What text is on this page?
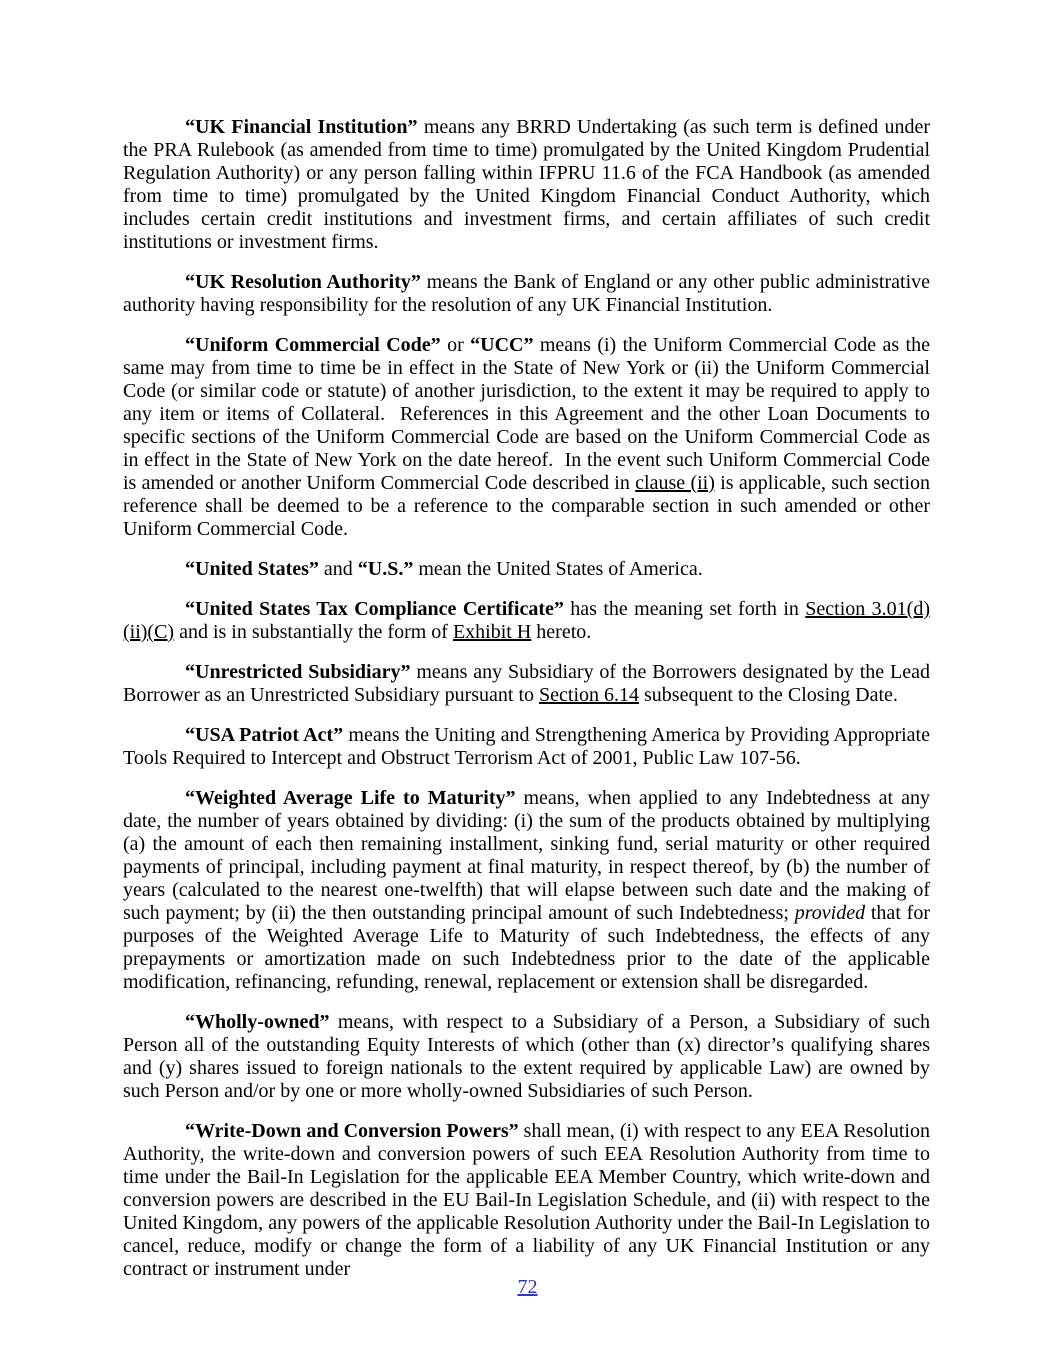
“UK Financial Institution” means any BRRD Undertaking (as such term is defined under the PRA Rulebook (as amended from time to time) promulgated by the United Kingdom Prudential Regulation Authority) or any person falling within IFPRU 11.6 of the FCA Handbook (as amended from time to time) promulgated by the United Kingdom Financial Conduct Authority, which includes certain credit institutions and investment firms, and certain affiliates of such credit institutions or investment firms.

“UK Resolution Authority” means the Bank of England or any other public administrative authority having responsibility for the resolution of any UK Financial Institution.

“Uniform Commercial Code” or “UCC” means (i) the Uniform Commercial Code as the same may from time to time be in effect in the State of New York or (ii) the Uniform Commercial Code (or similar code or statute) of another jurisdiction, to the extent it may be required to apply to any item or items of Collateral.  References in this Agreement and the other Loan Documents to specific sections of the Uniform Commercial Code are based on the Uniform Commercial Code as in effect in the State of New York on the date hereof.  In the event such Uniform Commercial Code is amended or another Uniform Commercial Code described in clause (ii) is applicable, such section reference shall be deemed to be a reference to the comparable section in such amended or other Uniform Commercial Code.

“United States” and “U.S.” mean the United States of America.

“United States Tax Compliance Certificate” has the meaning set forth in Section 3.01(d)(ii)(C) and is in substantially the form of Exhibit H hereto.

“Unrestricted Subsidiary” means any Subsidiary of the Borrowers designated by the Lead Borrower as an Unrestricted Subsidiary pursuant to Section 6.14 subsequent to the Closing Date.

“USA Patriot Act” means the Uniting and Strengthening America by Providing Appropriate Tools Required to Intercept and Obstruct Terrorism Act of 2001, Public Law 107-56.

“Weighted Average Life to Maturity” means, when applied to any Indebtedness at any date, the number of years obtained by dividing: (i) the sum of the products obtained by multiplying (a) the amount of each then remaining installment, sinking fund, serial maturity or other required payments of principal, including payment at final maturity, in respect thereof, by (b) the number of years (calculated to the nearest one-twelfth) that will elapse between such date and the making of such payment; by (ii) the then outstanding principal amount of such Indebtedness; provided that for purposes of the Weighted Average Life to Maturity of such Indebtedness, the effects of any prepayments or amortization made on such Indebtedness prior to the date of the applicable modification, refinancing, refunding, renewal, replacement or extension shall be disregarded.

“Wholly-owned” means, with respect to a Subsidiary of a Person, a Subsidiary of such Person all of the outstanding Equity Interests of which (other than (x) director’s qualifying shares and (y) shares issued to foreign nationals to the extent required by applicable Law) are owned by such Person and/or by one or more wholly-owned Subsidiaries of such Person.

“Write-Down and Conversion Powers” shall mean, (i) with respect to any EEA Resolution Authority, the write-down and conversion powers of such EEA Resolution Authority from time to time under the Bail-In Legislation for the applicable EEA Member Country, which write-down and conversion powers are described in the EU Bail-In Legislation Schedule, and (ii) with respect to the United Kingdom, any powers of the applicable Resolution Authority under the Bail-In Legislation to cancel, reduce, modify or change the form of a liability of any UK Financial Institution or any contract or instrument under

72
